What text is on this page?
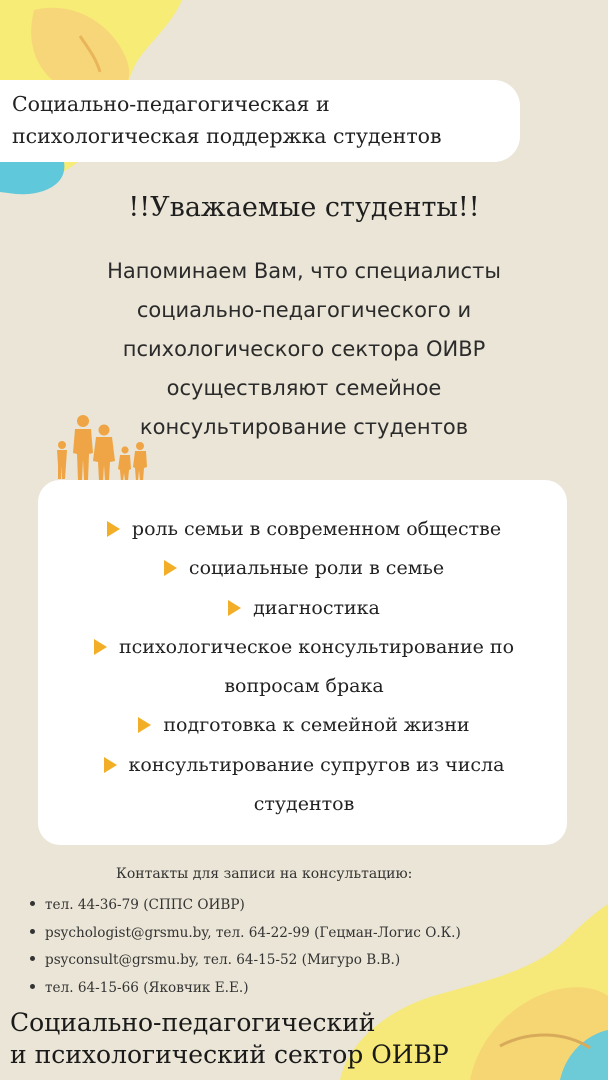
Социально-педагогическая и
психологическая поддержка студентов
!!Уважаемые студенты!!
Напоминаем Вам, что специалисты
социально-педагогического и
психологического сектора ОИВР
осуществляют семейное
консультирование студентов
роль семьи в современном обществе
социальные роли в семье
диагностика
психологическое консультирование по
вопросам брака
подготовка к семейной жизни
консультирование супругов из числа
студентов
Контакты для записи на консультацию:
тел. 44-36-79 (СППС ОИВР)
psychologist@grsmu.by, тел. 64-22-99 (Гецман-Логис О.К.)
psyconsult@grsmu.by, тел. 64-15-52 (Мигуро В.В.)
тел. 64-15-66 (Яковчик Е.Е.)
Социально-педагогический
и психологический сектор ОИВР
